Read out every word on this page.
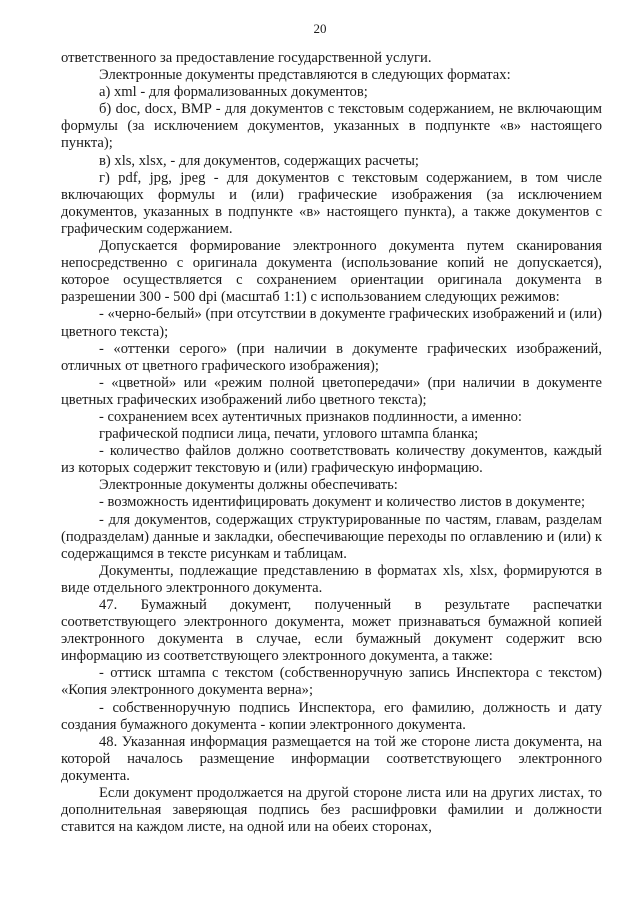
20

ответственного за предоставление государственной услуги.

Электронные документы представляются в следующих форматах:

а) xml - для формализованных документов;

б) doc, docx, BMP - для документов с текстовым содержанием, не включающим формулы (за исключением документов, указанных в подпункте «в» настоящего пункта);

в) xls, xlsx, - для документов, содержащих расчеты;

г) pdf, jpg, jpeg - для документов с текстовым содержанием, в том числе включающих формулы и (или) графические изображения (за исключением документов, указанных в подпункте «в» настоящего пункта), а также документов с графическим содержанием.

Допускается формирование электронного документа путем сканирования непосредственно с оригинала документа (использование копий не допускается), которое осуществляется с сохранением ориентации оригинала документа в разрешении 300 - 500 dpi (масштаб 1:1) с использованием следующих режимов:

- «черно-белый» (при отсутствии в документе графических изображений и (или) цветного текста);

- «оттенки серого» (при наличии в документе графических изображений, отличных от цветного графического изображения);

- «цветной» или «режим полной цветопередачи» (при наличии в документе цветных графических изображений либо цветного текста);

- сохранением всех аутентичных признаков подлинности, а именно:

графической подписи лица, печати, углового штампа бланка;

- количество файлов должно соответствовать количеству документов, каждый из которых содержит текстовую и (или) графическую информацию.

Электронные документы должны обеспечивать:

- возможность идентифицировать документ и количество листов в документе;

- для документов, содержащих структурированные по частям, главам, разделам (подразделам) данные и закладки, обеспечивающие переходы по оглавлению и (или) к содержащимся в тексте рисункам и таблицам.

Документы, подлежащие представлению в форматах xls, xlsx, формируются в виде отдельного электронного документа.

47. Бумажный документ, полученный в результате распечатки соответствующего электронного документа, может признаваться бумажной копией электронного документа в случае, если бумажный документ содержит всю информацию из соответствующего электронного документа, а также:

- оттиск штампа с текстом (собственноручную запись Инспектора с текстом) «Копия электронного документа верна»;

- собственноручную подпись Инспектора, его фамилию, должность и дату создания бумажного документа - копии электронного документа.

48. Указанная информация размещается на той же стороне листа документа, на которой началось размещение информации соответствующего электронного документа.

Если документ продолжается на другой стороне листа или на других листах, то дополнительная заверяющая подпись без расшифровки фамилии и должности ставится на каждом листе, на одной или на обеих сторонах,
